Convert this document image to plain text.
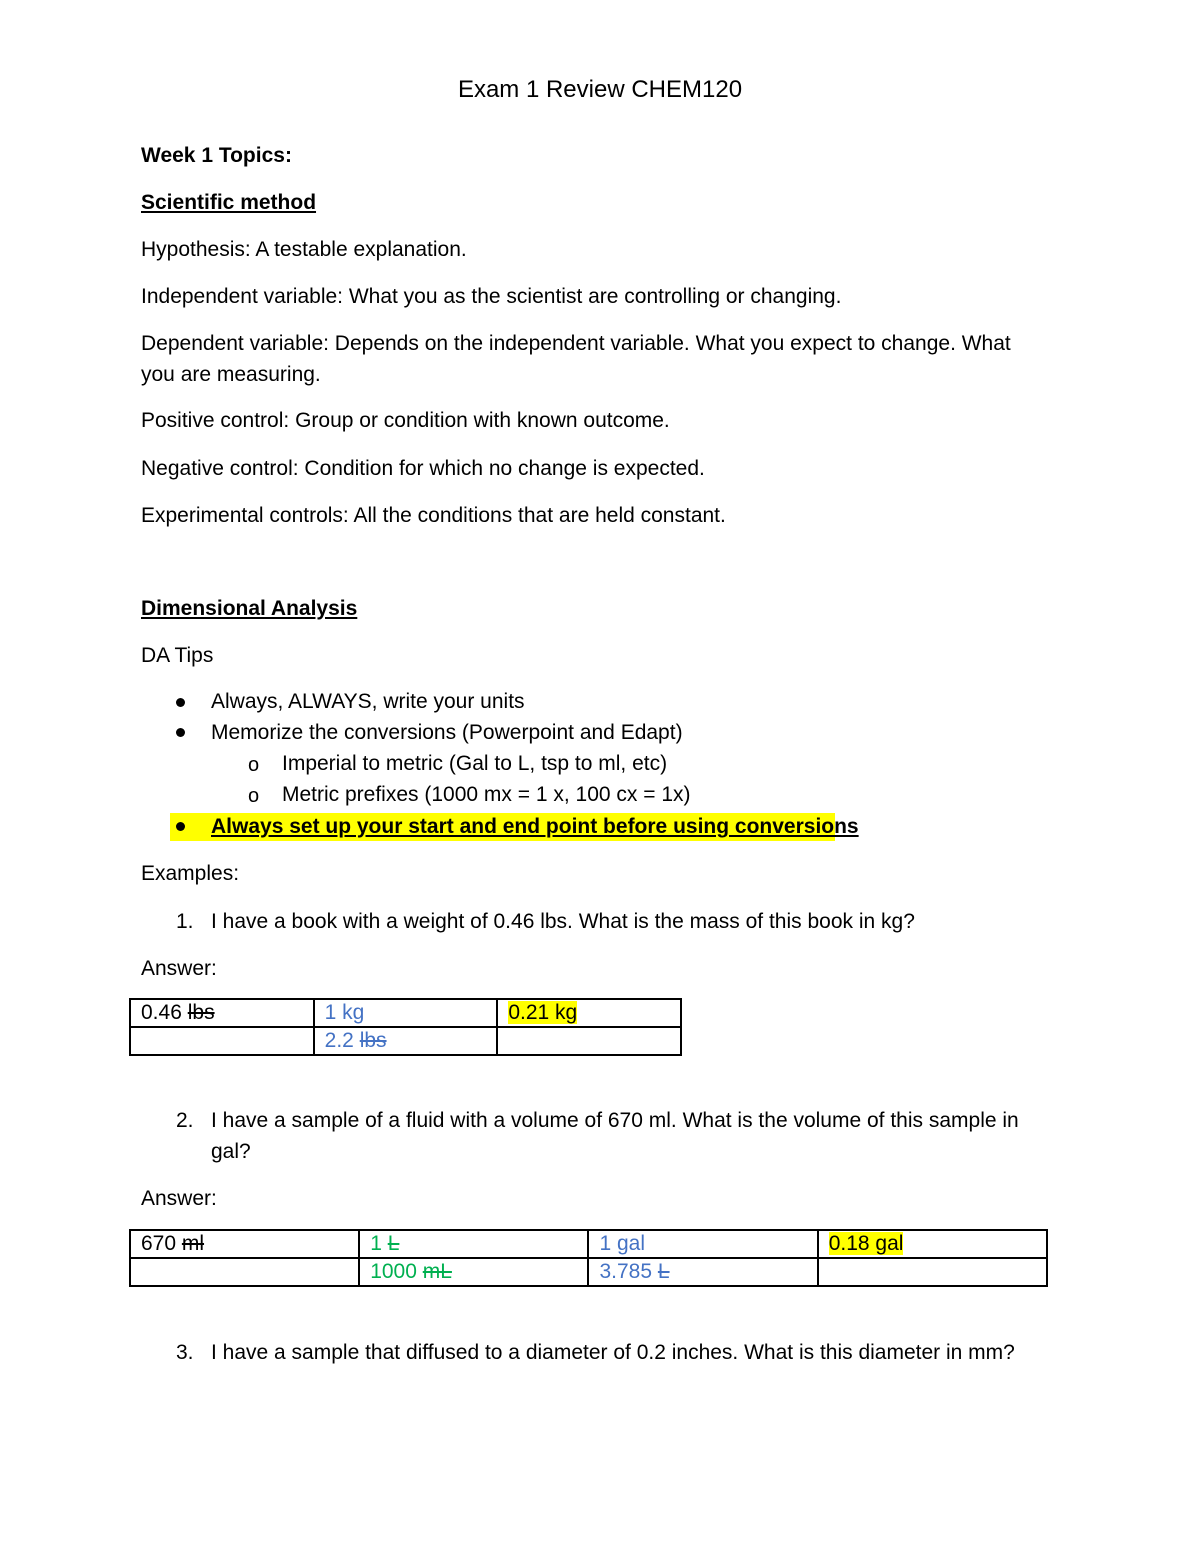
Exam 1 Review CHEM120
Week 1 Topics:
Scientific method
Hypothesis: A testable explanation.
Independent variable: What you as the scientist are controlling or changing.
Dependent variable: Depends on the independent variable. What you expect to change. What
you are measuring.
Positive control: Group or condition with known outcome.
Negative control: Condition for which no change is expected.
Experimental controls: All the conditions that are held constant.
Dimensional Analysis
DA Tips
Always, ALWAYS, write your units
Memorize the conversions (Powerpoint and Edapt)
o Imperial to metric (Gal to L, tsp to ml, etc)
o Metric prefixes (1000 mx = 1 x, 100 cx = 1x)
Always set up your start and end point before using conversions
Examples:
1. I have a book with a weight of 0.46 lbs. What is the mass of this book in kg?
Answer:
0.46 lbs	1 kg	0.21 kg
	2.2 lbs	
2. I have a sample of a fluid with a volume of 670 ml. What is the volume of this sample in
gal?
Answer:
670 ml	1 L	1 gal	0.18 gal
	1000 mL	3.785 L	
3. I have a sample that diffused to a diameter of 0.2 inches. What is this diameter in mm?
